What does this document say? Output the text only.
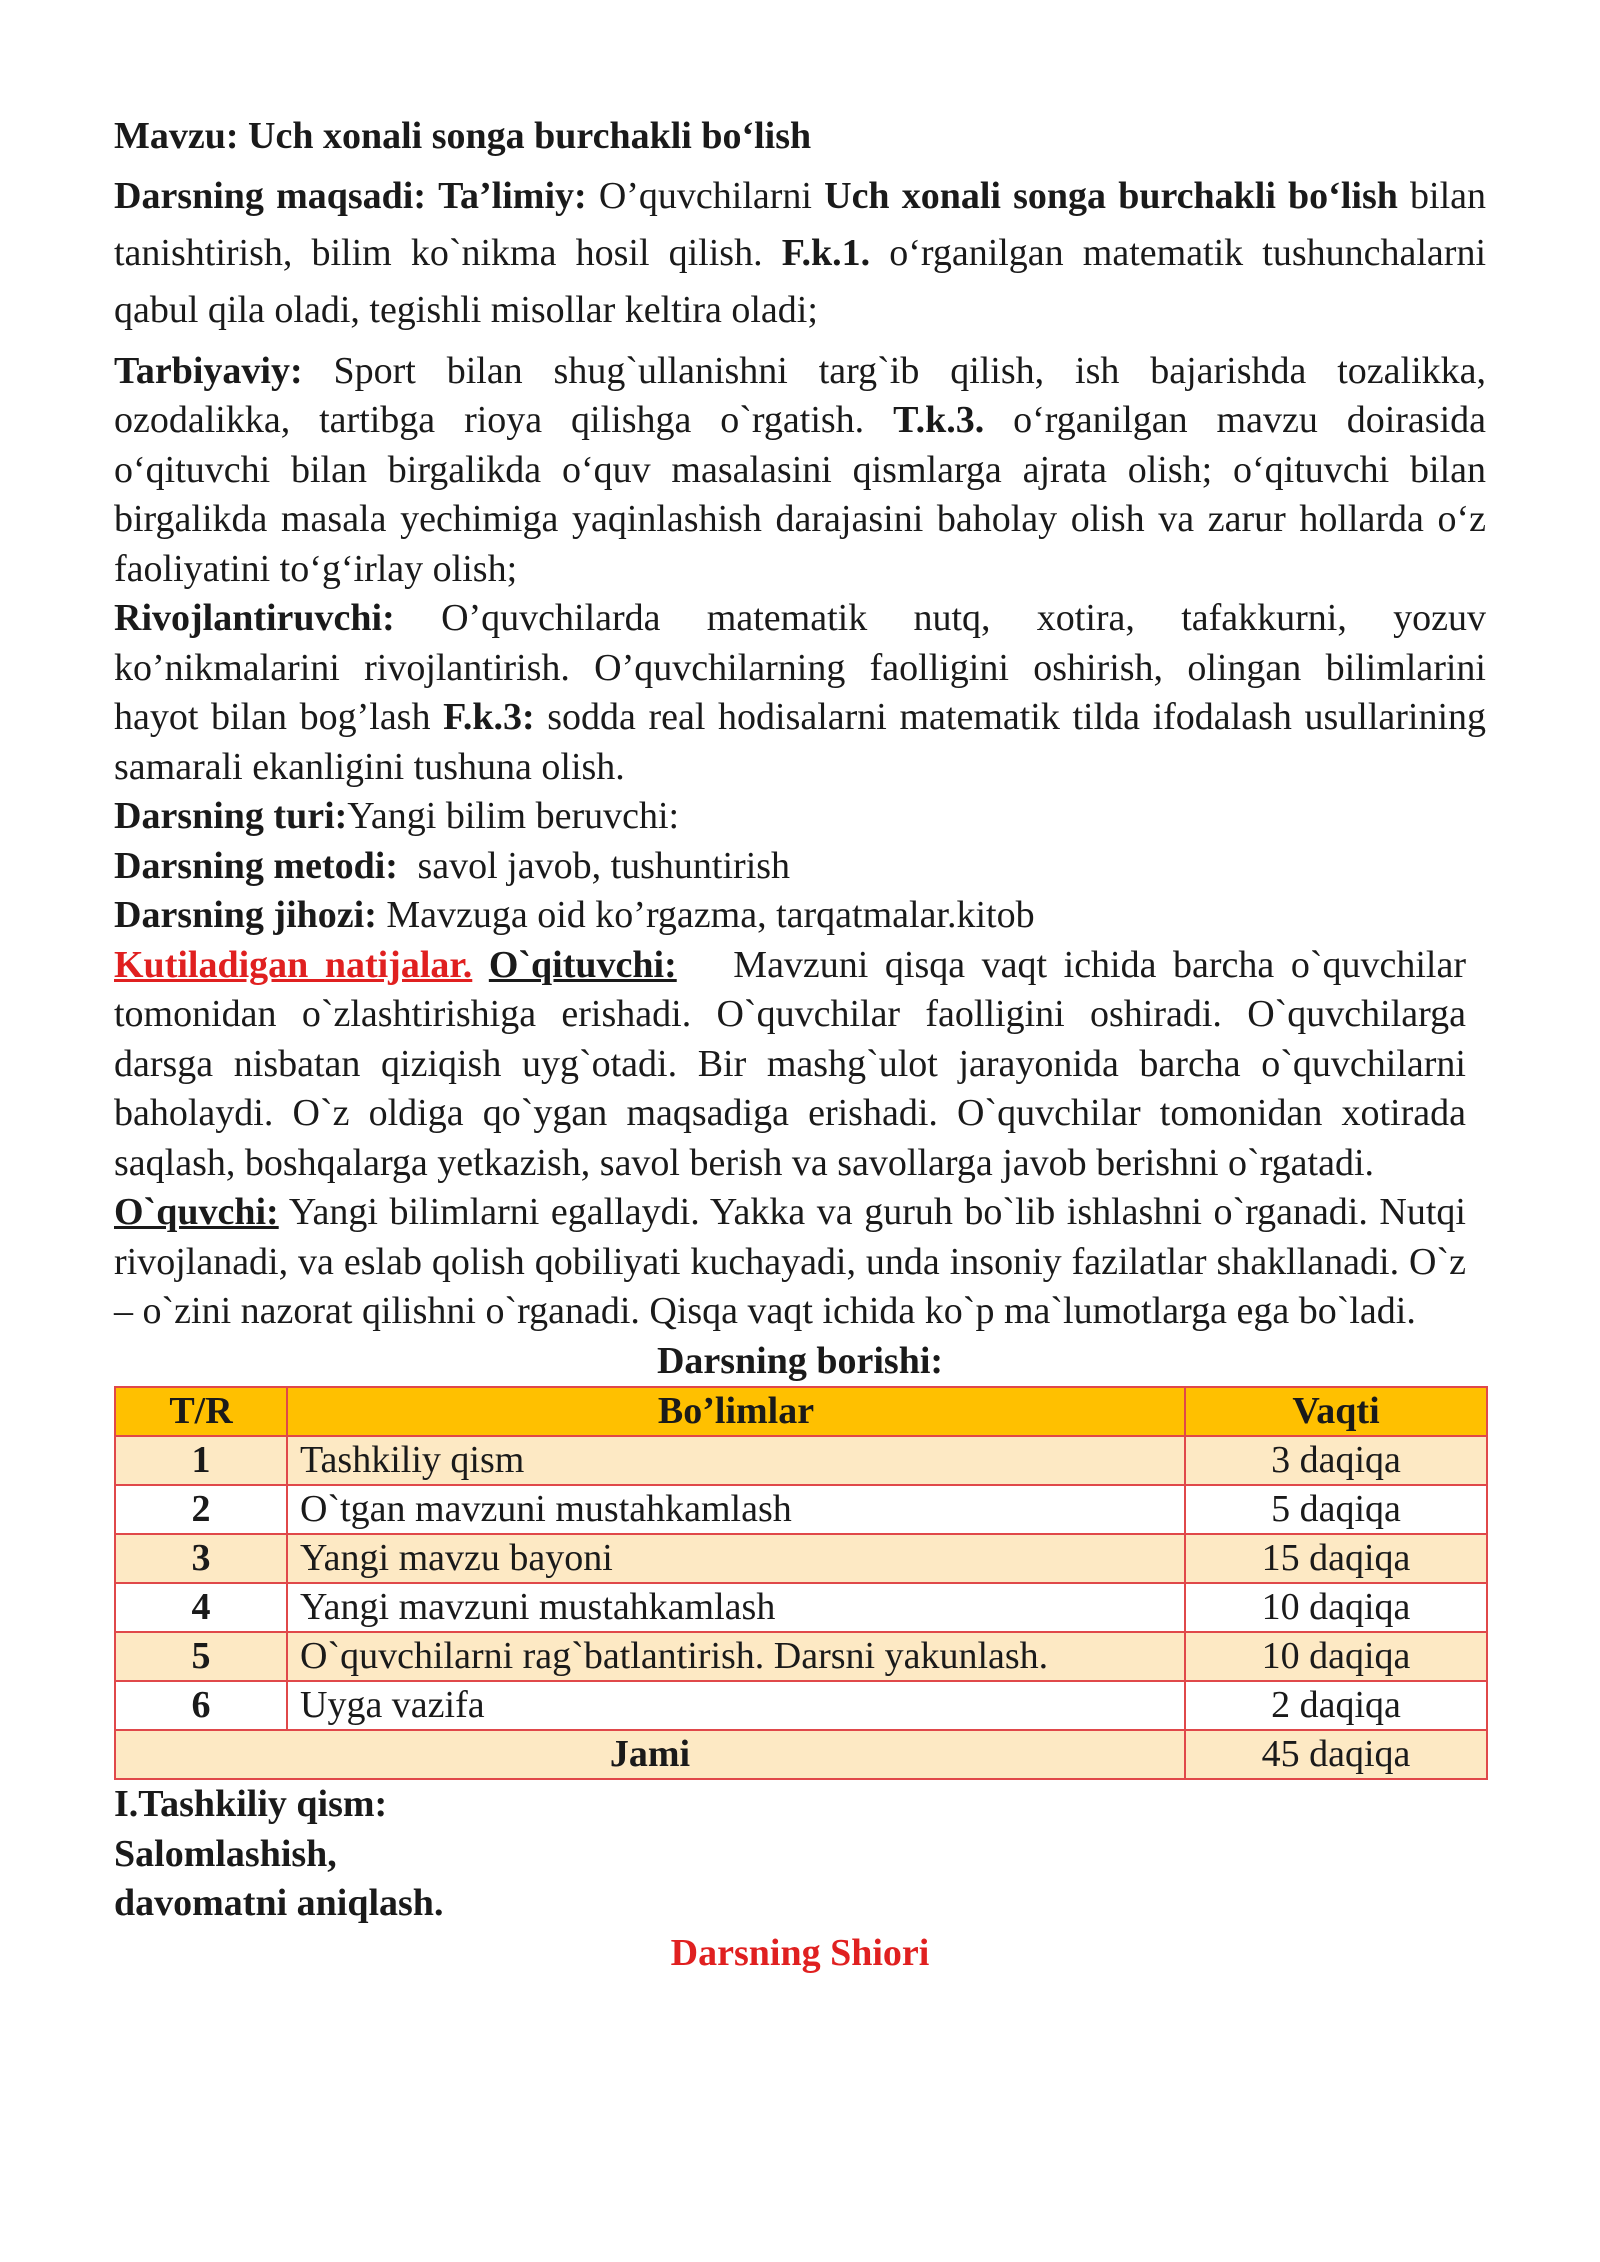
Mavzu: Uch xonali songa burchakli bo‘lish

Darsning maqsadi: Ta’limiy: O’quvchilarni Uch xonali songa burchakli bo‘lish bilan tanishtirish, bilim ko`nikma hosil qilish. F.k.1. o‘rganilgan matematik tushunchalarni qabul qila oladi, tegishli misollar keltira oladi;

Tarbiyaviy: Sport bilan shug`ullanishni targ`ib qilish, ish bajarishda tozalikka, ozodalikka, tartibga rioya qilishga o`rgatish. T.k.3. o‘rganilgan mavzu doirasida o‘qituvchi bilan birgalikda o‘quv masalasini qismlarga ajrata olish; o‘qituvchi bilan birgalikda masala yechimiga yaqinlashish darajasini baholay olish va zarur hollarda o‘z faoliyatini to‘g‘irlay olish;

Rivojlantiruvchi: O’quvchilarda matematik nutq, xotira, tafakkurni, yozuv ko’nikmalarini rivojlantirish. O’quvchilarning faolligini oshirish, olingan bilimlarini hayot bilan bog’lash F.k.3: sodda real hodisalarni matematik tilda ifodalash usullarining samarali ekanligini tushuna olish.

Darsning turi:Yangi bilim beruvchi:

Darsning metodi: savol javob, tushuntirish

Darsning jihozi: Mavzuga oid ko’rgazma, tarqatmalar.kitob

Kutiladigan natijalar. O`qituvchi: Mavzuni qisqa vaqt ichida barcha o`quvchilar tomonidan o`zlashtirishiga erishadi. O`quvchilar faolligini oshiradi. O`quvchilarga darsga nisbatan qiziqish uyg`otadi. Bir mashg`ulot jarayonida barcha o`quvchilarni baholaydi. O`z oldiga qo`ygan maqsadiga erishadi. O`quvchilar tomonidan xotirada saqlash, boshqalarga yetkazish, savol berish va savollarga javob berishni o`rgatadi.

O`quvchi: Yangi bilimlarni egallaydi. Yakka va guruh bo`lib ishlashni o`rganadi. Nutqi rivojlanadi, va eslab qolish qobiliyati kuchayadi, unda insoniy fazilatlar shakllanadi. O`z – o`zini nazorat qilishni o`rganadi. Qisqa vaqt ichida ko`p ma`lumotlarga ega bo`ladi.

Darsning borishi:

T/R	Bo’limlar	Vaqti
1	Tashkiliy qism	3 daqiqa
2	O`tgan mavzuni mustahkamlash	5 daqiqa
3	Yangi mavzu bayoni	15 daqiqa
4	Yangi mavzuni mustahkamlash	10 daqiqa
5	O`quvchilarni rag`batlantirish. Darsni yakunlash.	10 daqiqa
6	Uyga vazifa	2 daqiqa
Jami		45 daqiqa

I.Tashkiliy qism:

Salomlashish,

davomatni aniqlash.

Darsning Shiori
